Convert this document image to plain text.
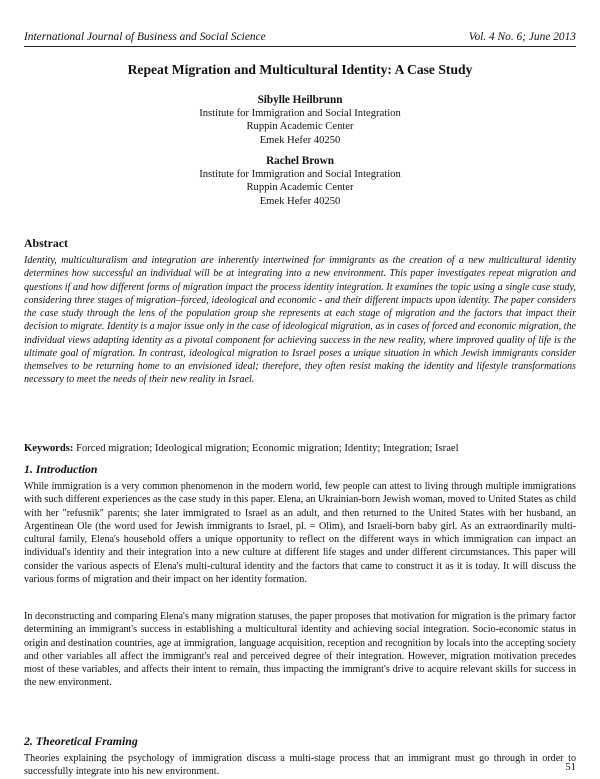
International Journal of Business and Social Science	Vol. 4 No. 6; June 2013
Repeat Migration and Multicultural Identity: A Case Study
Sibylle Heilbrunn
Institute for Immigration and Social Integration
Ruppin Academic Center
Emek Hefer 40250
Rachel Brown
Institute for Immigration and Social Integration
Ruppin Academic Center
Emek Hefer 40250
Abstract

Identity, multiculturalism and integration are inherently intertwined for immigrants as the creation of a new multicultural identity determines how successful an individual will be at integrating into a new environment. This paper investigates repeat migration and questions if and how different forms of migration impact the process identity integration. It examines the topic using a single case study, considering three stages of migration–forced, ideological and economic - and their different impacts upon identity. The paper considers the case study through the lens of the population group she represents at each stage of migration and the factors that impact their decision to migrate. Identity is a major issue only in the case of ideological migration, as in cases of forced and economic migration, the individual views adapting identity as a pivotal component for achieving success in the new reality, where improved quality of life is the ultimate goal of migration. In contrast, ideological migration to Israel poses a unique situation in which Jewish immigrants consider themselves to be returning home to an envisioned ideal; therefore, they often resist making the identity and lifestyle transformations necessary to meet the needs of their new reality in Israel.

Keywords: Forced migration; Ideological migration; Economic migration; Identity; Integration; Israel

1. Introduction

While immigration is a very common phenomenon in the modern world, few people can attest to living through multiple immigrations with such different experiences as the case study in this paper. Elena, an Ukrainian-born Jewish woman, moved to United States as child with her "refusnik" parents; she later immigrated to Israel as an adult, and then returned to the United States with her husband, an Argentinean Ole (the word used for Jewish immigrants to Israel, pl. = Olim), and Israeli-born baby girl. As an extraordinarily multi-cultural family, Elena's household offers a unique opportunity to reflect on the different ways in which immigration can impact an individual's identity and their integration into a new culture at different life stages and under different circumstances. This paper will consider the various aspects of Elena's multi-cultural identity and the factors that came to construct it as it is today. It will discuss the various forms of migration and their impact on her identity formation.

In deconstructing and comparing Elena's many migration statuses, the paper proposes that motivation for migration is the primary factor determining an immigrant's success in establishing a multicultural identity and achieving social integration. Socio-economic status in origin and destination countries, age at immigration, language acquisition, reception and recognition by locals into the accepting society and other variables all affect the immigrant's real and perceived degree of their integration. However, migration motivation precedes most of these variables, and affects their intent to remain, thus impacting the immigrant's drive to acquire relevant skills for success in the new environment.

2. Theoretical Framing

Theories explaining the psychology of immigration discuss a multi-stage process that an immigrant must go through in order to successfully integrate into his new environment.	51
